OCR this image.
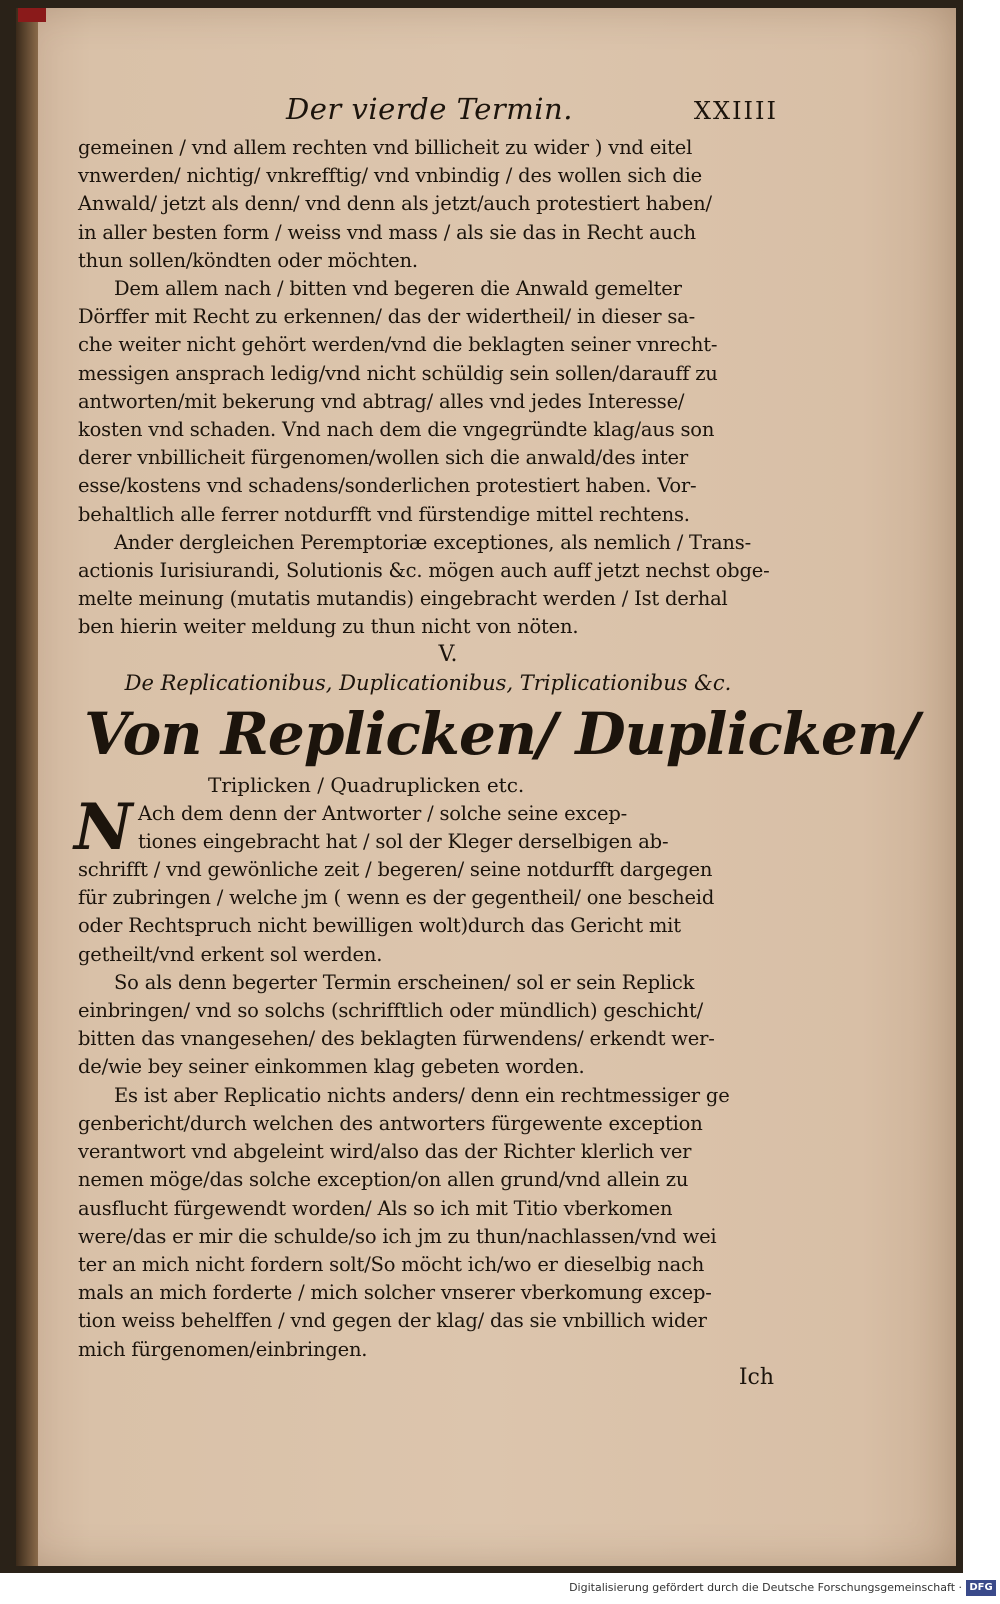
Der vierde Termin.	XXIIII
gemeinen / vnd allem rechten vnd billicheit zu wider ) vnd eitel
vnwerden/ nichtig/ vnkrefftig/ vnd vnbindig / des wollen sich die
Anwald/ jetzt als denn/ vnd denn als jetzt/auch protestiert haben/
in aller besten form / weiss vnd mass / als sie das in Recht auch
thun sollen/köndten oder möchten.
Dem allem nach / bitten vnd begeren die Anwald gemelter
Dörffer mit Recht zu erkennen/ das der widertheil/ in dieser sa-
che weiter nicht gehört werden/vnd die beklagten seiner vnrecht-
messigen ansprach ledig/vnd nicht schüldig sein sollen/darauff zu
antworten/mit bekerung vnd abtrag/ alles vnd jedes Interesse/
kosten vnd schaden. Vnd nach dem die vngegründte klag/aus son
derer vnbillicheit fürgenomen/wollen sich die anwald/des inter
esse/kostens vnd schadens/sonderlichen protestiert haben. Vor-
behaltlich alle ferrer notdurfft vnd fürstendige mittel rechtens.
Ander dergleichen Peremptoriæ exceptiones, als nemlich / Trans-
actionis Iurisiurandi, Solutionis &c. mögen auch auff jetzt nechst obge-
melte meinung (mutatis mutandis) eingebracht werden / Ist derhal
ben hierin weiter meldung zu thun nicht von nöten.
V.
De Replicationibus, Duplicationibus, Triplicationibus &c.
Von Replicken/ Duplicken/
Triplicken / Quadruplicken etc.
N Ach dem denn der Antworter / solche seine excep-
tiones eingebracht hat / sol der Kleger derselbigen ab-
schrifft / vnd gewönliche zeit / begeren/ seine notdurfft dargegen
für zubringen / welche jm ( wenn es der gegentheil/ one bescheid
oder Rechtspruch nicht bewilligen wolt)durch das Gericht mit
getheilt/vnd erkent sol werden.
So als denn begerter Termin erscheinen/ sol er sein Replick
einbringen/ vnd so solchs (schrifftlich oder mündlich) geschicht/
bitten das vnangesehen/ des beklagten fürwendens/ erkendt wer-
de/wie bey seiner einkommen klag gebeten worden.
Es ist aber Replicatio nichts anders/ denn ein rechtmessiger ge
genbericht/durch welchen des antworters fürgewente exception
verantwort vnd abgeleint wird/also das der Richter klerlich ver
nemen möge/das solche exception/on allen grund/vnd allein zu
ausflucht fürgewendt worden/ Als so ich mit Titio vberkomen
were/das er mir die schulde/so ich jm zu thun/nachlassen/vnd wei
ter an mich nicht fordern solt/So möcht ich/wo er dieselbig nach
mals an mich forderte / mich solcher vnserer vberkomung excep-
tion weiss behelffen / vnd gegen der klag/ das sie vnbillich wider
mich fürgenomen/einbringen.
Ich
Digitalisierung gefördert durch die Deutsche Forschungsgemeinschaft · DFG
